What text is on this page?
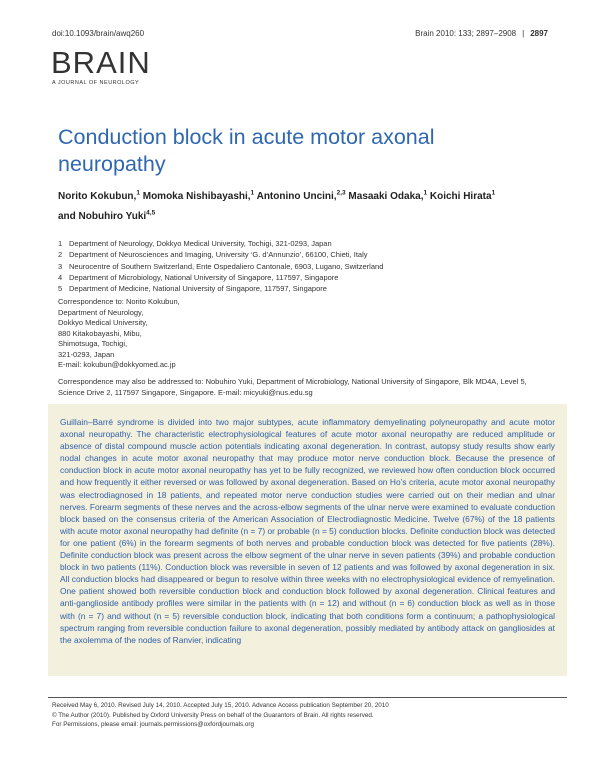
doi:10.1093/brain/awq260	Brain 2010: 133; 2897–2908 | 2897
BRAIN
A JOURNAL OF NEUROLOGY
Conduction block in acute motor axonal neuropathy

Norito Kokubun,$^1$ Momoka Nishibayashi,$^1$ Antonino Uncini,$^{2,3}$ Masaaki Odaka,$^1$ Koichi Hirata$^1$
and Nobuhiro Yuki$^{4,5}$

1 Department of Neurology, Dokkyo Medical University, Tochigi, 321-0293, Japan
2 Department of Neurosciences and Imaging, University ‘G. d’Annunzio’, 66100, Chieti, Italy
3 Neurocentre of Southern Switzerland, Ente Ospedaliero Cantonale, 6903, Lugano, Switzerland
4 Department of Microbiology, National University of Singapore, 117597, Singapore
5 Department of Medicine, National University of Singapore, 117597, Singapore
Correspondence to: Norito Kokubun,
Department of Neurology,
Dokkyo Medical University,
880 Kitakobayashi, Mibu,
Shimotsuga, Tochigi,
321-0293, Japan
E-mail: kokubun@dokkyomed.ac.jp
Correspondence may also be addressed to: Nobuhiro Yuki, Department of Microbiology, National University of Singapore, Blk MD4A, Level 5, Science Drive 2, 117597 Singapore, Singapore. E-mail: micyuki@nus.edu.sg

Guillain–Barré syndrome is divided into two major subtypes, acute inflammatory demyelinating polyneuropathy and acute motor axonal neuropathy. The characteristic electrophysiological features of acute motor axonal neuropathy are reduced amplitude or absence of distal compound muscle action potentials indicating axonal degeneration. In contrast, autopsy study results show early nodal changes in acute motor axonal neuropathy that may produce motor nerve conduction block. Because the presence of conduction block in acute motor axonal neuropathy has yet to be fully recognized, we reviewed how often conduction block occurred and how frequently it either reversed or was followed by axonal degeneration. Based on Ho’s criteria, acute motor axonal neuropathy was electrodiagnosed in 18 patients, and repeated motor nerve conduction studies were carried out on their median and ulnar nerves. Forearm segments of these nerves and the across-elbow segments of the ulnar nerve were examined to evaluate conduction block based on the consensus criteria of the American Association of Electrodiagnostic Medicine. Twelve (67%) of the 18 patients with acute motor axonal neuropathy had definite (n = 7) or probable (n = 5) conduction blocks. Definite conduction block was detected for one patient (6%) in the forearm segments of both nerves and probable conduction block was detected for five patients (28%). Definite conduction block was present across the elbow segment of the ulnar nerve in seven patients (39%) and probable conduction block in two patients (11%). Conduction block was reversible in seven of 12 patients and was followed by axonal degeneration in six. All conduction blocks had disappeared or begun to resolve within three weeks with no electrophysiological evidence of remyelination. One patient showed both reversible conduction block and conduction block followed by axonal degeneration. Clinical features and anti-ganglioside antibody profiles were similar in the patients with (n = 12) and without (n = 6) conduction block as well as in those with (n = 7) and without (n = 5) reversible conduction block, indicating that both conditions form a continuum; a pathophysiological spectrum ranging from reversible conduction failure to axonal degeneration, possibly mediated by antibody attack on gangliosides at the axolemma of the nodes of Ranvier, indicating

Received May 6, 2010. Revised July 14, 2010. Accepted July 15, 2010. Advance Access publication September 20, 2010
© The Author (2010). Published by Oxford University Press on behalf of the Guarantors of Brain. All rights reserved.
For Permissions, please email: journals.permissions@oxfordjournals.org
